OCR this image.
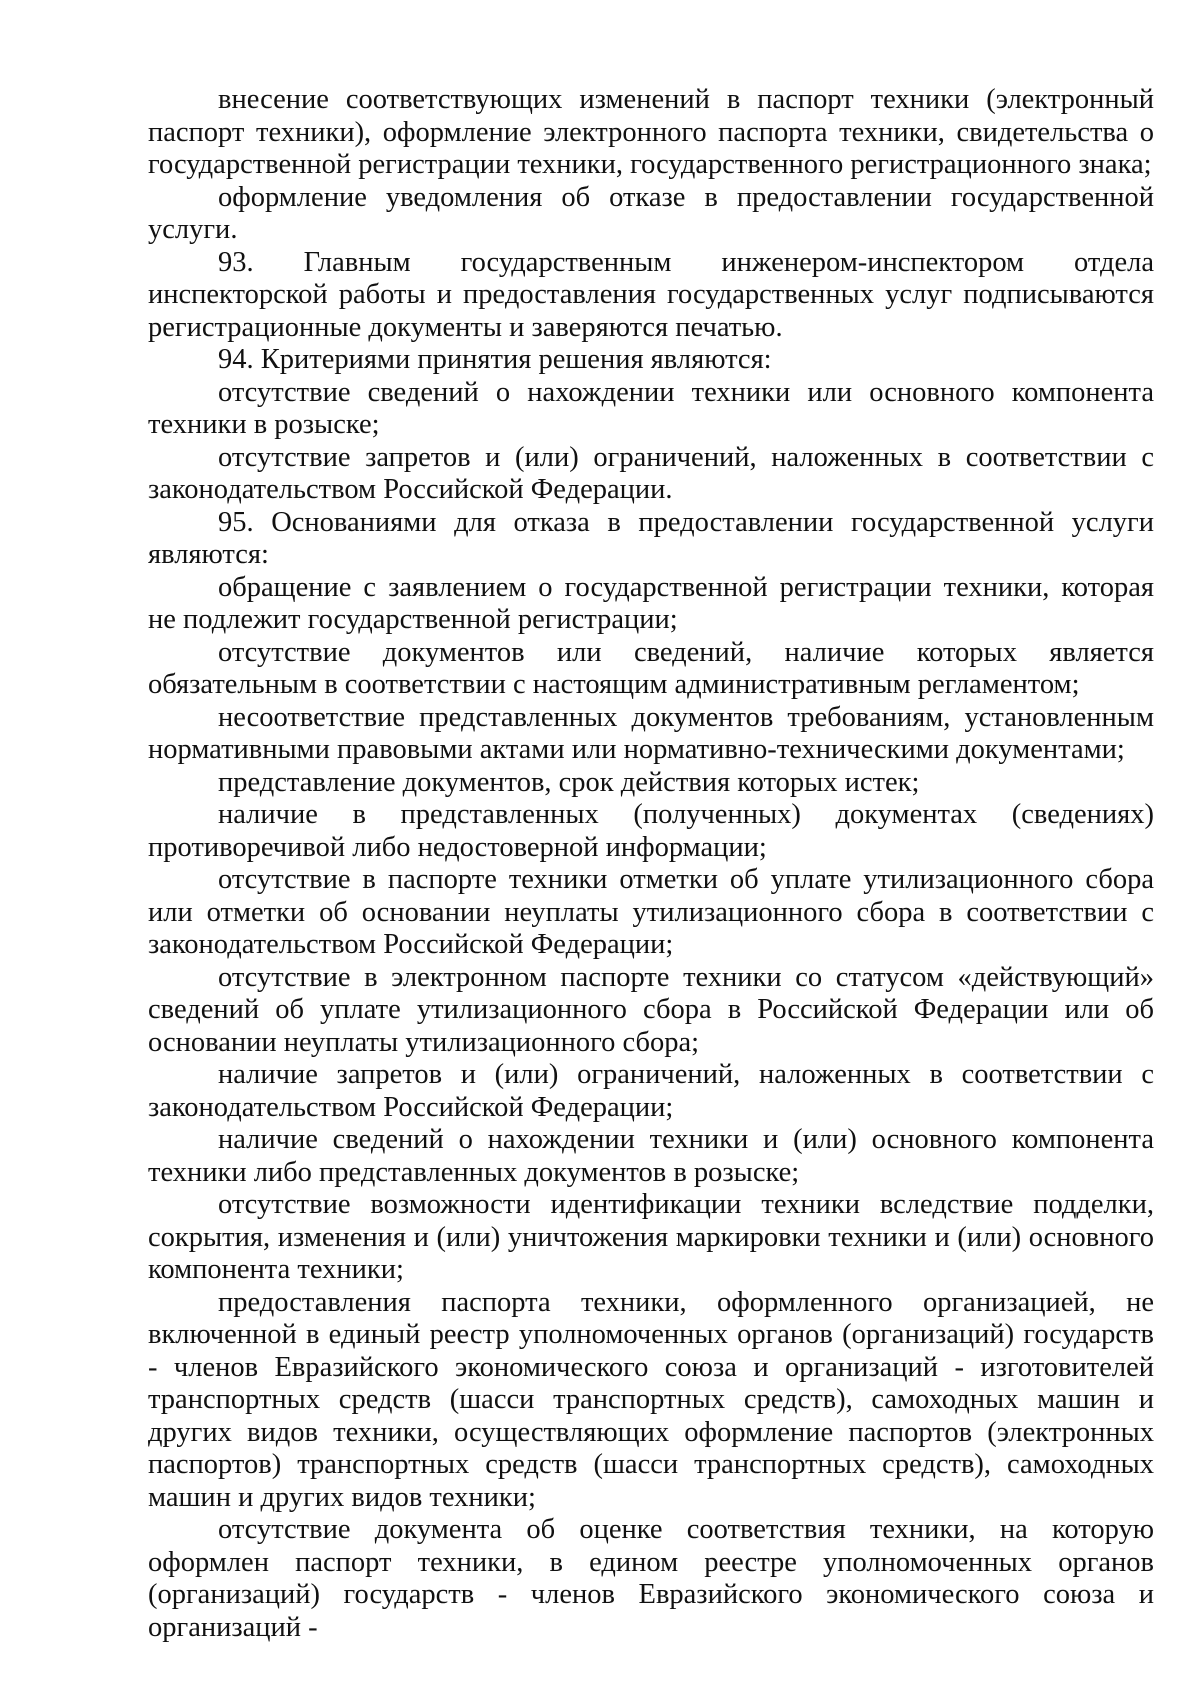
внесение соответствующих изменений в паспорт техники (электронный паспорт техники), оформление электронного паспорта техники, свидетельства о государственной регистрации техники, государственного регистрационного знака;

оформление уведомления об отказе в предоставлении государственной услуги.

93. Главным государственным инженером-инспектором отдела инспекторской работы и предоставления государственных услуг подписываются регистрационные документы и заверяются печатью.

94. Критериями принятия решения являются:

отсутствие сведений о нахождении техники или основного компонента техники в розыске;

отсутствие запретов и (или) ограничений, наложенных в соответствии с законодательством Российской Федерации.

95. Основаниями для отказа в предоставлении государственной услуги являются:

обращение с заявлением о государственной регистрации техники, которая не подлежит государственной регистрации;

отсутствие документов или сведений, наличие которых является обязательным в соответствии с настоящим административным регламентом;

несоответствие представленных документов требованиям, установленным нормативными правовыми актами или нормативно-техническими документами;

представление документов, срок действия которых истек;

наличие в представленных (полученных) документах (сведениях) противоречивой либо недостоверной информации;

отсутствие в паспорте техники отметки об уплате утилизационного сбора или отметки об основании неуплаты утилизационного сбора в соответствии с законодательством Российской Федерации;

отсутствие в электронном паспорте техники со статусом «действующий» сведений об уплате утилизационного сбора в Российской Федерации или об основании неуплаты утилизационного сбора;

наличие запретов и (или) ограничений, наложенных в соответствии с законодательством Российской Федерации;

наличие сведений о нахождении техники и (или) основного компонента техники либо представленных документов в розыске;

отсутствие возможности идентификации техники вследствие подделки, сокрытия, изменения и (или) уничтожения маркировки техники и (или) основного компонента техники;

предоставления паспорта техники, оформленного организацией, не включенной в единый реестр уполномоченных органов (организаций) государств - членов Евразийского экономического союза и организаций - изготовителей транспортных средств (шасси транспортных средств), самоходных машин и других видов техники, осуществляющих оформление паспортов (электронных паспортов) транспортных средств (шасси транспортных средств), самоходных машин и других видов техники;

отсутствие документа об оценке соответствия техники, на которую оформлен паспорт техники, в едином реестре уполномоченных органов (организаций) государств - членов Евразийского экономического союза и организаций -
